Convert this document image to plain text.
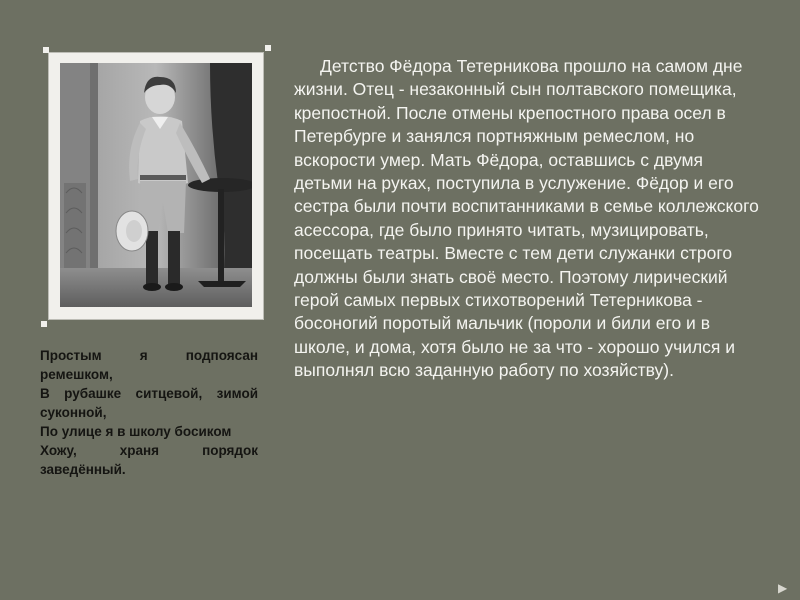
Простым я подпоясан ремешком,
В рубашке ситцевой, зимой суконной,
По улице я в школу босиком
Хожу, храня порядок заведённый.

Детство Фёдора Тетерникова прошло на самом дне жизни. Отец - незаконный сын полтавского помещика, крепостной. После отмены крепостного права осел в Петербурге и занялся портняжным ремеслом, но вскорости умер. Мать Фёдора, оставшись с двумя детьми на руках, поступила в услужение. Фёдор и его сестра были почти воспитанниками в семье коллежского асессора, где было принято читать, музицировать, посещать театры. Вместе с тем дети служанки строго должны были знать своё место. Поэтому лирический герой самых первых стихотворений Тетерникова - босоногий поротый мальчик (пороли и били его и в школе, и дома, хотя было не за что - хорошо учился и выполнял всю заданную работу по хозяйству).

▶
